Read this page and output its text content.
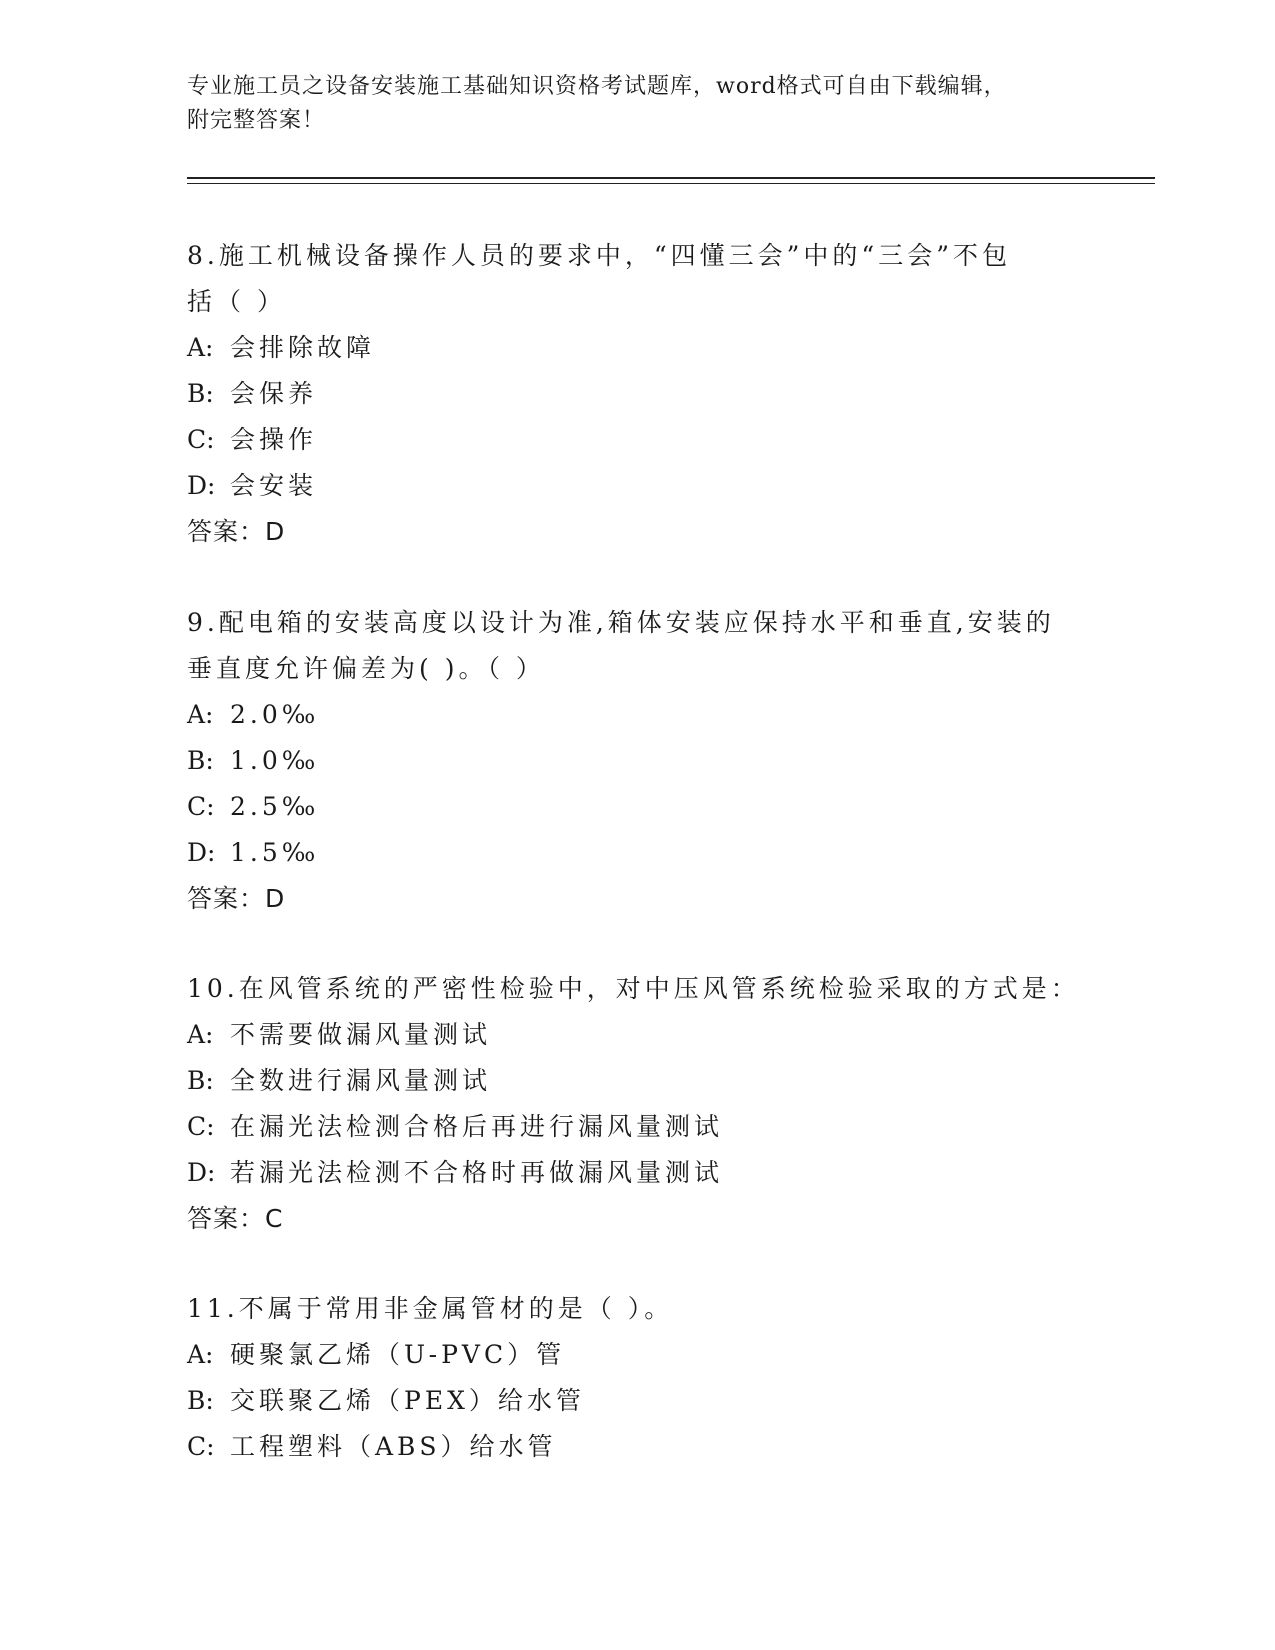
专业施工员之设备安装施工基础知识资格考试题库，word格式可自由下载编辑，
附完整答案！

8.施工机械设备操作人员的要求中，“四懂三会”中的“三会”不包

括（ ）

A: 会排除故障

B: 会保养

C: 会操作

D: 会安装

答案：D

9.配电箱的安装高度以设计为准,箱体安装应保持水平和垂直,安装的

垂直度允许偏差为( )。（ ）

A: 2.0‰

B: 1.0‰

C: 2.5‰

D: 1.5‰

答案：D

10.在风管系统的严密性检验中，对中压风管系统检验采取的方式是：

A: 不需要做漏风量测试

B: 全数进行漏风量测试

C: 在漏光法检测合格后再进行漏风量测试

D: 若漏光法检测不合格时再做漏风量测试

答案：C

11.不属于常用非金属管材的是（ ）。

A: 硬聚氯乙烯（U-PVC）管

B: 交联聚乙烯（PEX）给水管

C: 工程塑料（ABS）给水管
